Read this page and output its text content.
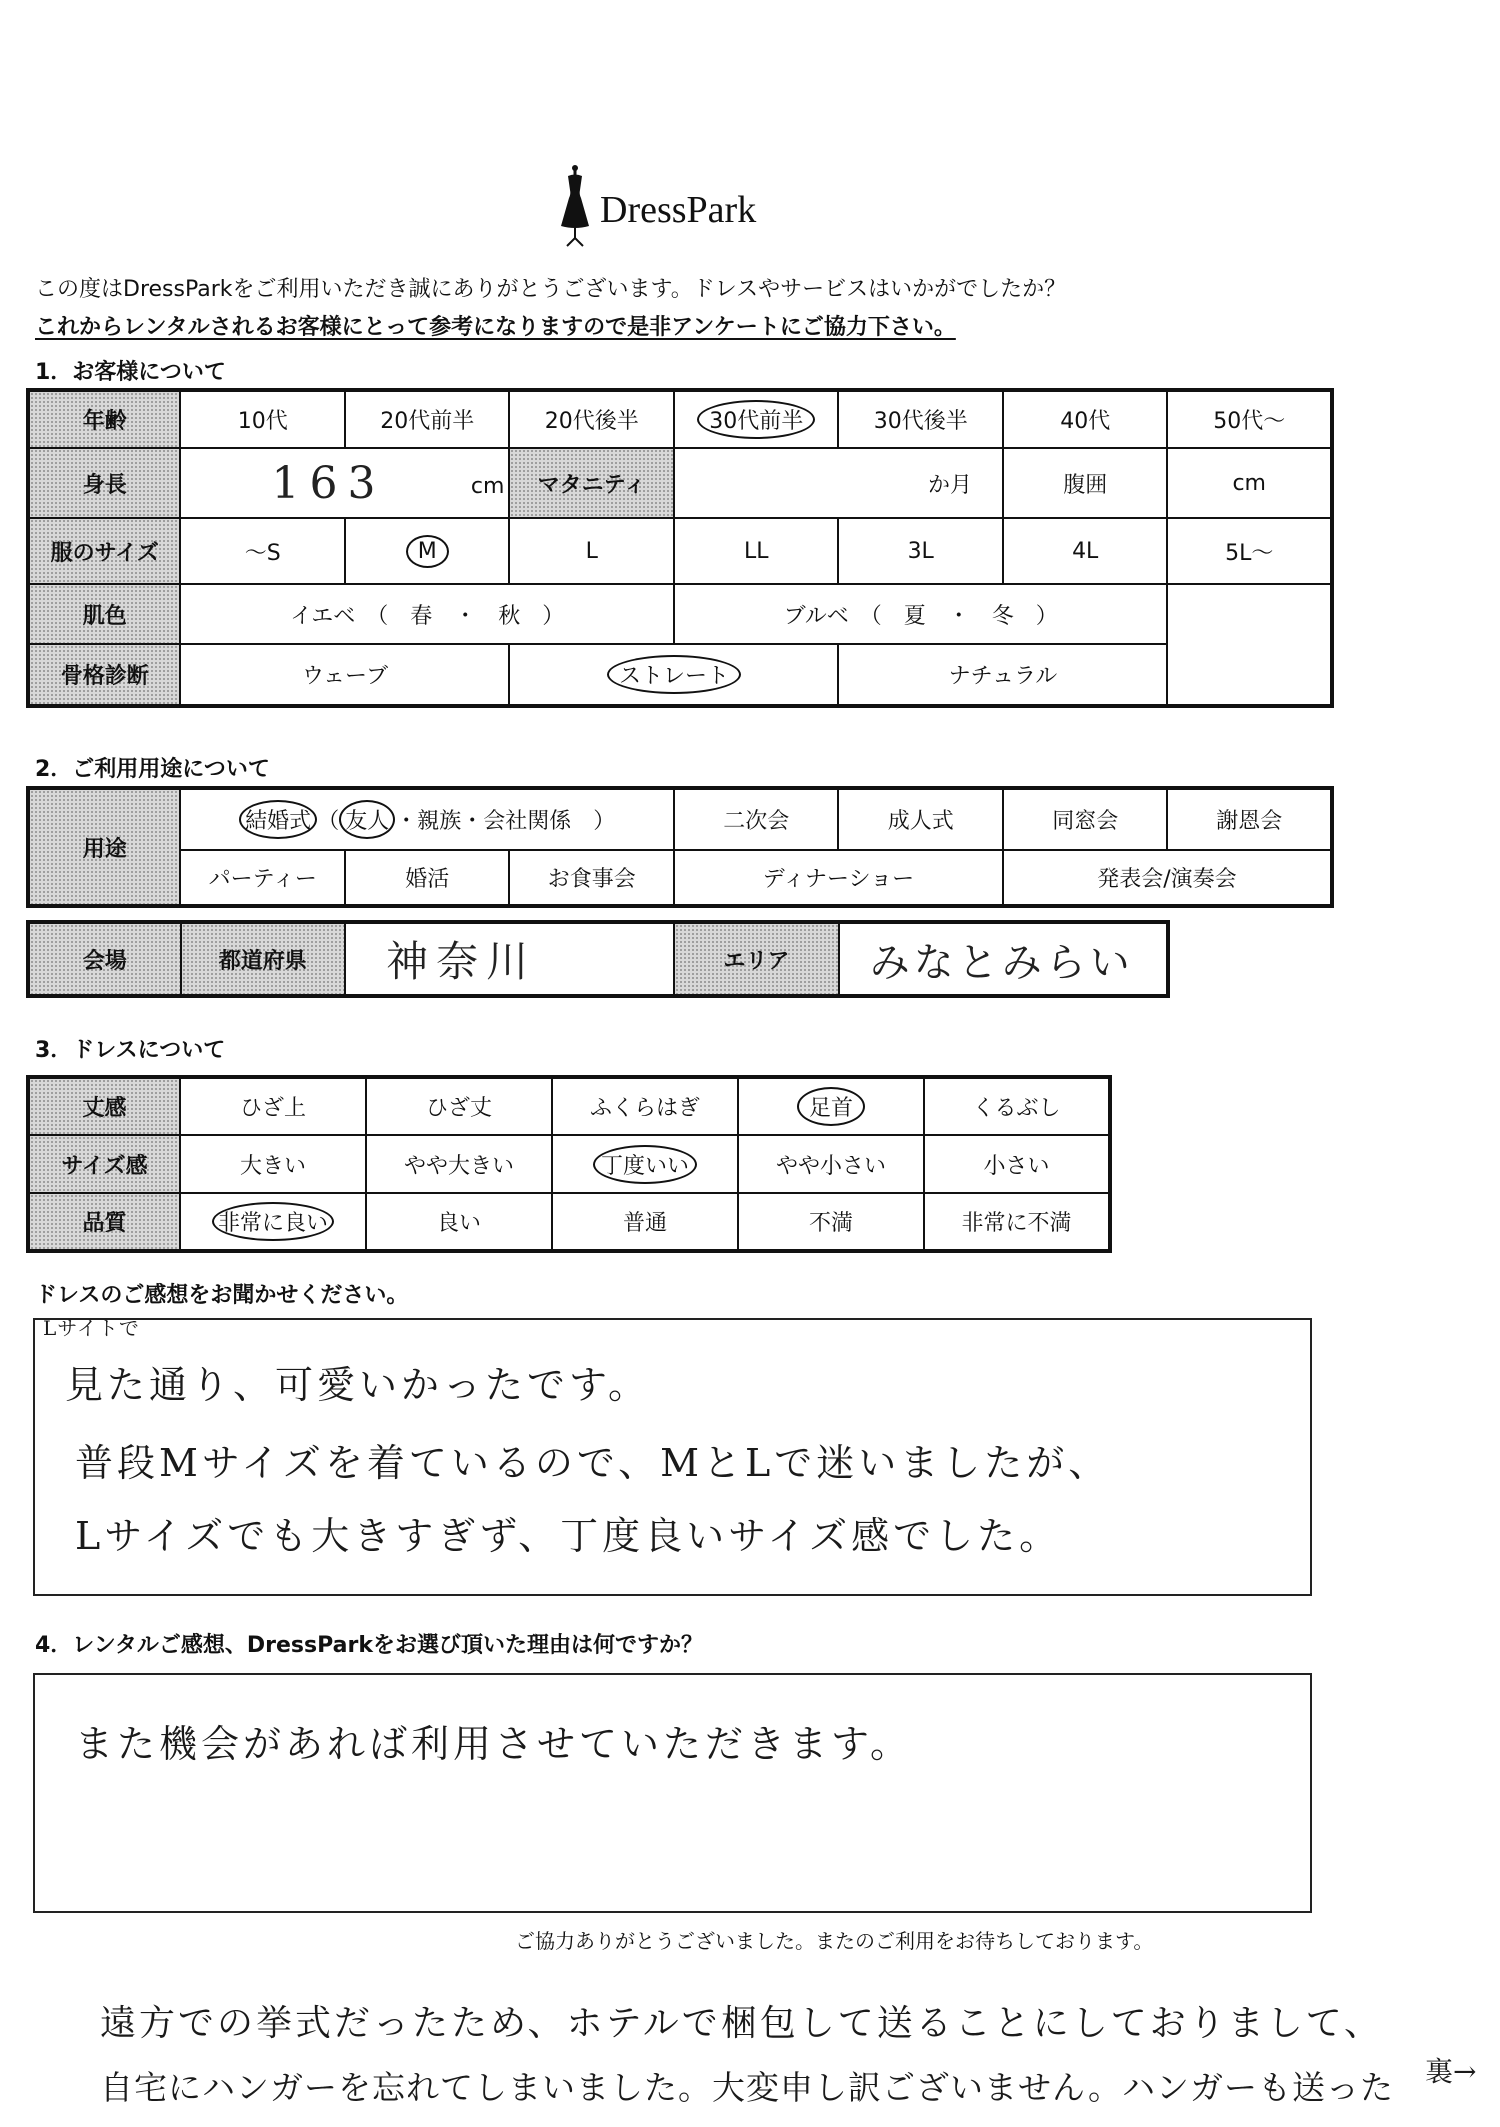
DressPark
この度はDressParkをご利用いただき誠にありがとうございます。ドレスやサービスはいかがでしたか？
これからレンタルされるお客様にとって参考になりますので是非アンケートにご協力下さい。
1．お客様について
年齢	10代	20代前半	20代後半	30代前半	30代後半	40代	50代～
身長	163 cm		マタニティ	か月		腹囲	cm
服のサイズ	～S	M	L	LL	3L	4L	5L～
肌色	イエベ　（　春　・　秋　）			ブルベ　（　夏　・　冬　）			
骨格診断	ウェーブ		ストレート		ナチュラル		
2．ご利用用途について
用途	結婚式 （ 友人 ・親族・会社関係　）			二次会	成人式	同窓会	謝恩会
	パーティー	婚活	お食事会	ディナーショー		発表会/演奏会	
会場	都道府県	神奈川	エリア	みなとみらい
3．ドレスについて
丈感	ひざ上	ひざ丈	ふくらはぎ	足首	くるぶし
サイズ感	大きい	やや大きい	丁度いい	やや小さい	小さい
品質	非常に良い	良い	普通	不満	非常に不満
ドレスのご感想をお聞かせください。
Lサイトで
見た通り、可愛いかったです。
普段Mサイズを着ているので、MとLで迷いましたが、
Lサイズでも大きすぎず、丁度良いサイズ感でした。
4．レンタルご感想、DressParkをお選び頂いた理由は何ですか？
また機会があれば利用させていただきます。
ご協力ありがとうございました。またのご利用をお待ちしております。
遠方での挙式だったため、ホテルで梱包して送ることにしておりまして、
自宅にハンガーを忘れてしまいました。大変申し訳ございません。ハンガーも送った 裏→
